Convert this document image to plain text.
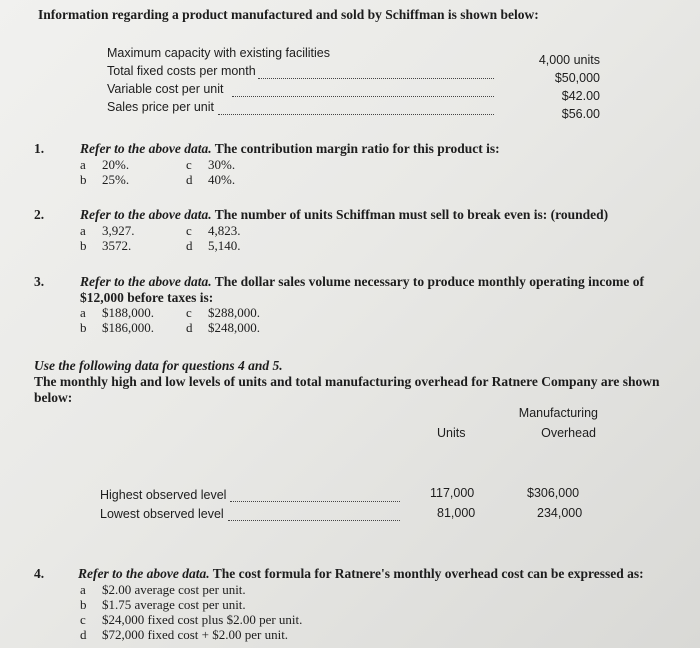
Information regarding a product manufactured and sold by Schiffman is shown below:
Maximum capacity with existing facilities	4,000 units
Total fixed costs per month	$50,000
Variable cost per unit	$42.00
Sales price per unit	$56.00
1.	Refer to the above data. The contribution margin ratio for this product is:
a 20%.	c 30%.
b 25%.	d 40%.
2.	Refer to the above data. The number of units Schiffman must sell to break even is: (rounded)
a 3,927.	c 4,823.
b 3572.	d 5,140.
3.	Refer to the above data. The dollar sales volume necessary to produce monthly operating income of
$12,000 before taxes is:
a $188,000. c $288,000.
b $186,000. d $248,000.
Use the following data for questions 4 and 5.
The monthly high and low levels of units and total manufacturing overhead for Ratnere Company are shown
below:
Manufacturing
Units	Overhead
Highest observed level	117,000	$306,000
Lowest observed level	81,000	234,000
4.	Refer to the above data. The cost formula for Ratnere's monthly overhead cost can be expressed as:
a $2.00 average cost per unit.
b $1.75 average cost per unit.
c $24,000 fixed cost plus $2.00 per unit.
d $72,000 fixed cost + $2.00 per unit.
